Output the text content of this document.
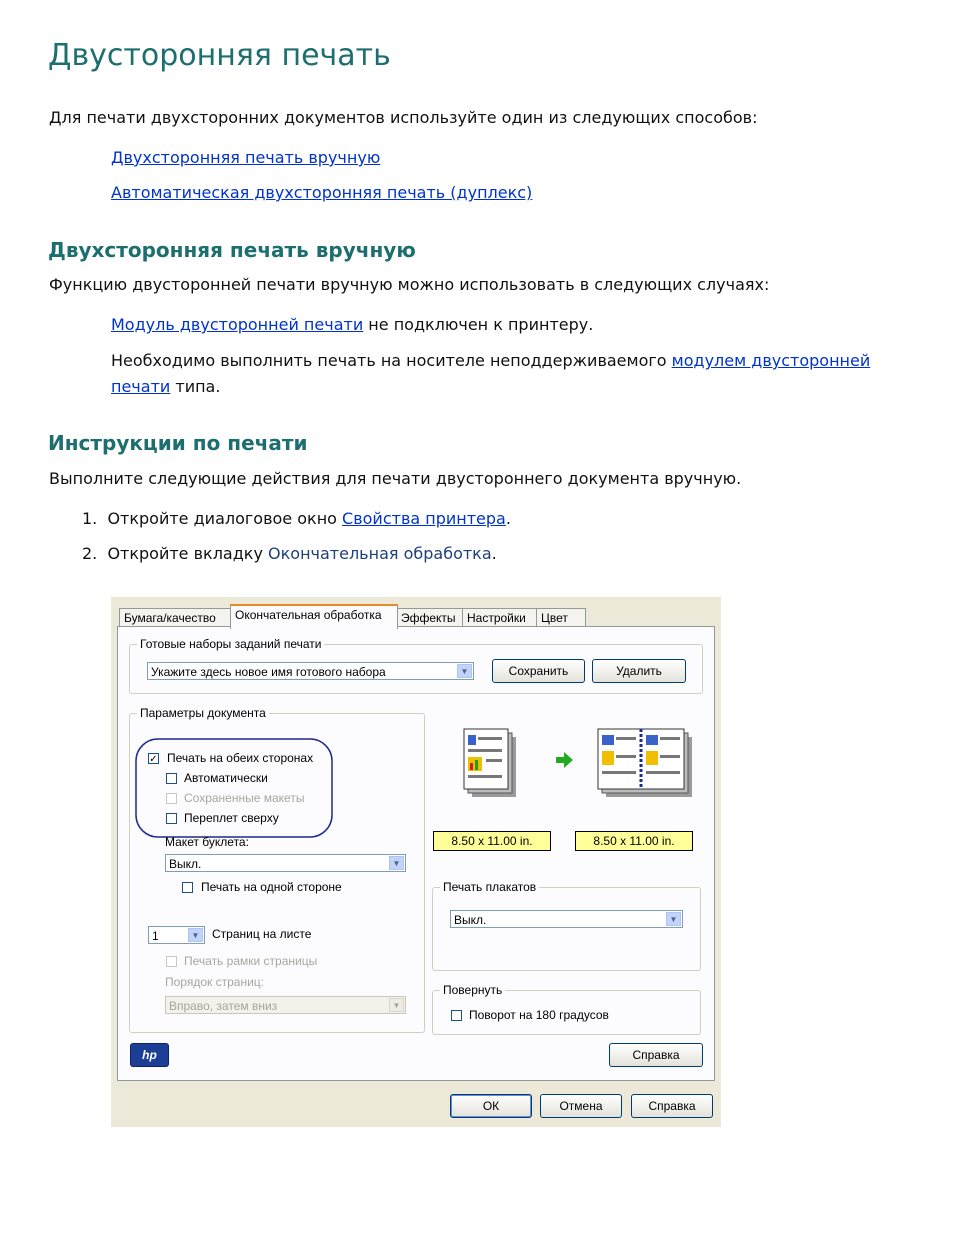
Двусторонняя печать
Для печати двухсторонних документов используйте один из следующих способов:
Двухсторонняя печать вручную
Автоматическая двухсторонняя печать (дуплекс)
Двухсторонняя печать вручную
Функцию двусторонней печати вручную можно использовать в следующих случаях:
Модуль двусторонней печати не подключен к принтеру.
Необходимо выполнить печать на носителе неподдерживаемого модулем двусторонней
печати типа.
Инструкции по печати
Выполните следующие действия для печати двустороннего документа вручную.
1. Откройте диалоговое окно Свойства принтера.
2. Откройте вкладку Окончательная обработка.
Бумага/качество	Окончательная обработка	Эффекты Настройки	Цвет
Готовые наборы заданий печати
Укажите здесь новое имя готового набора	▼	Сохранить	Удалить
Параметры документа
✓ Печать на обеих сторонах
Автоматически
Сохраненные макеты
Переплет сверху
Макет буклета:
Выкл.	▼
Печать на одной стороне
1	▼ Страниц на листе
Печать рамки страницы
Порядок страниц:
Вправо, затем вниз	▼
8.50 x 11.00 in.	8.50 x 11.00 in.
Печать плакатов
Выкл.	▼
Повернуть
Поворот на 180 градусов
hp	Справка
ОК	Отмена	Справка
